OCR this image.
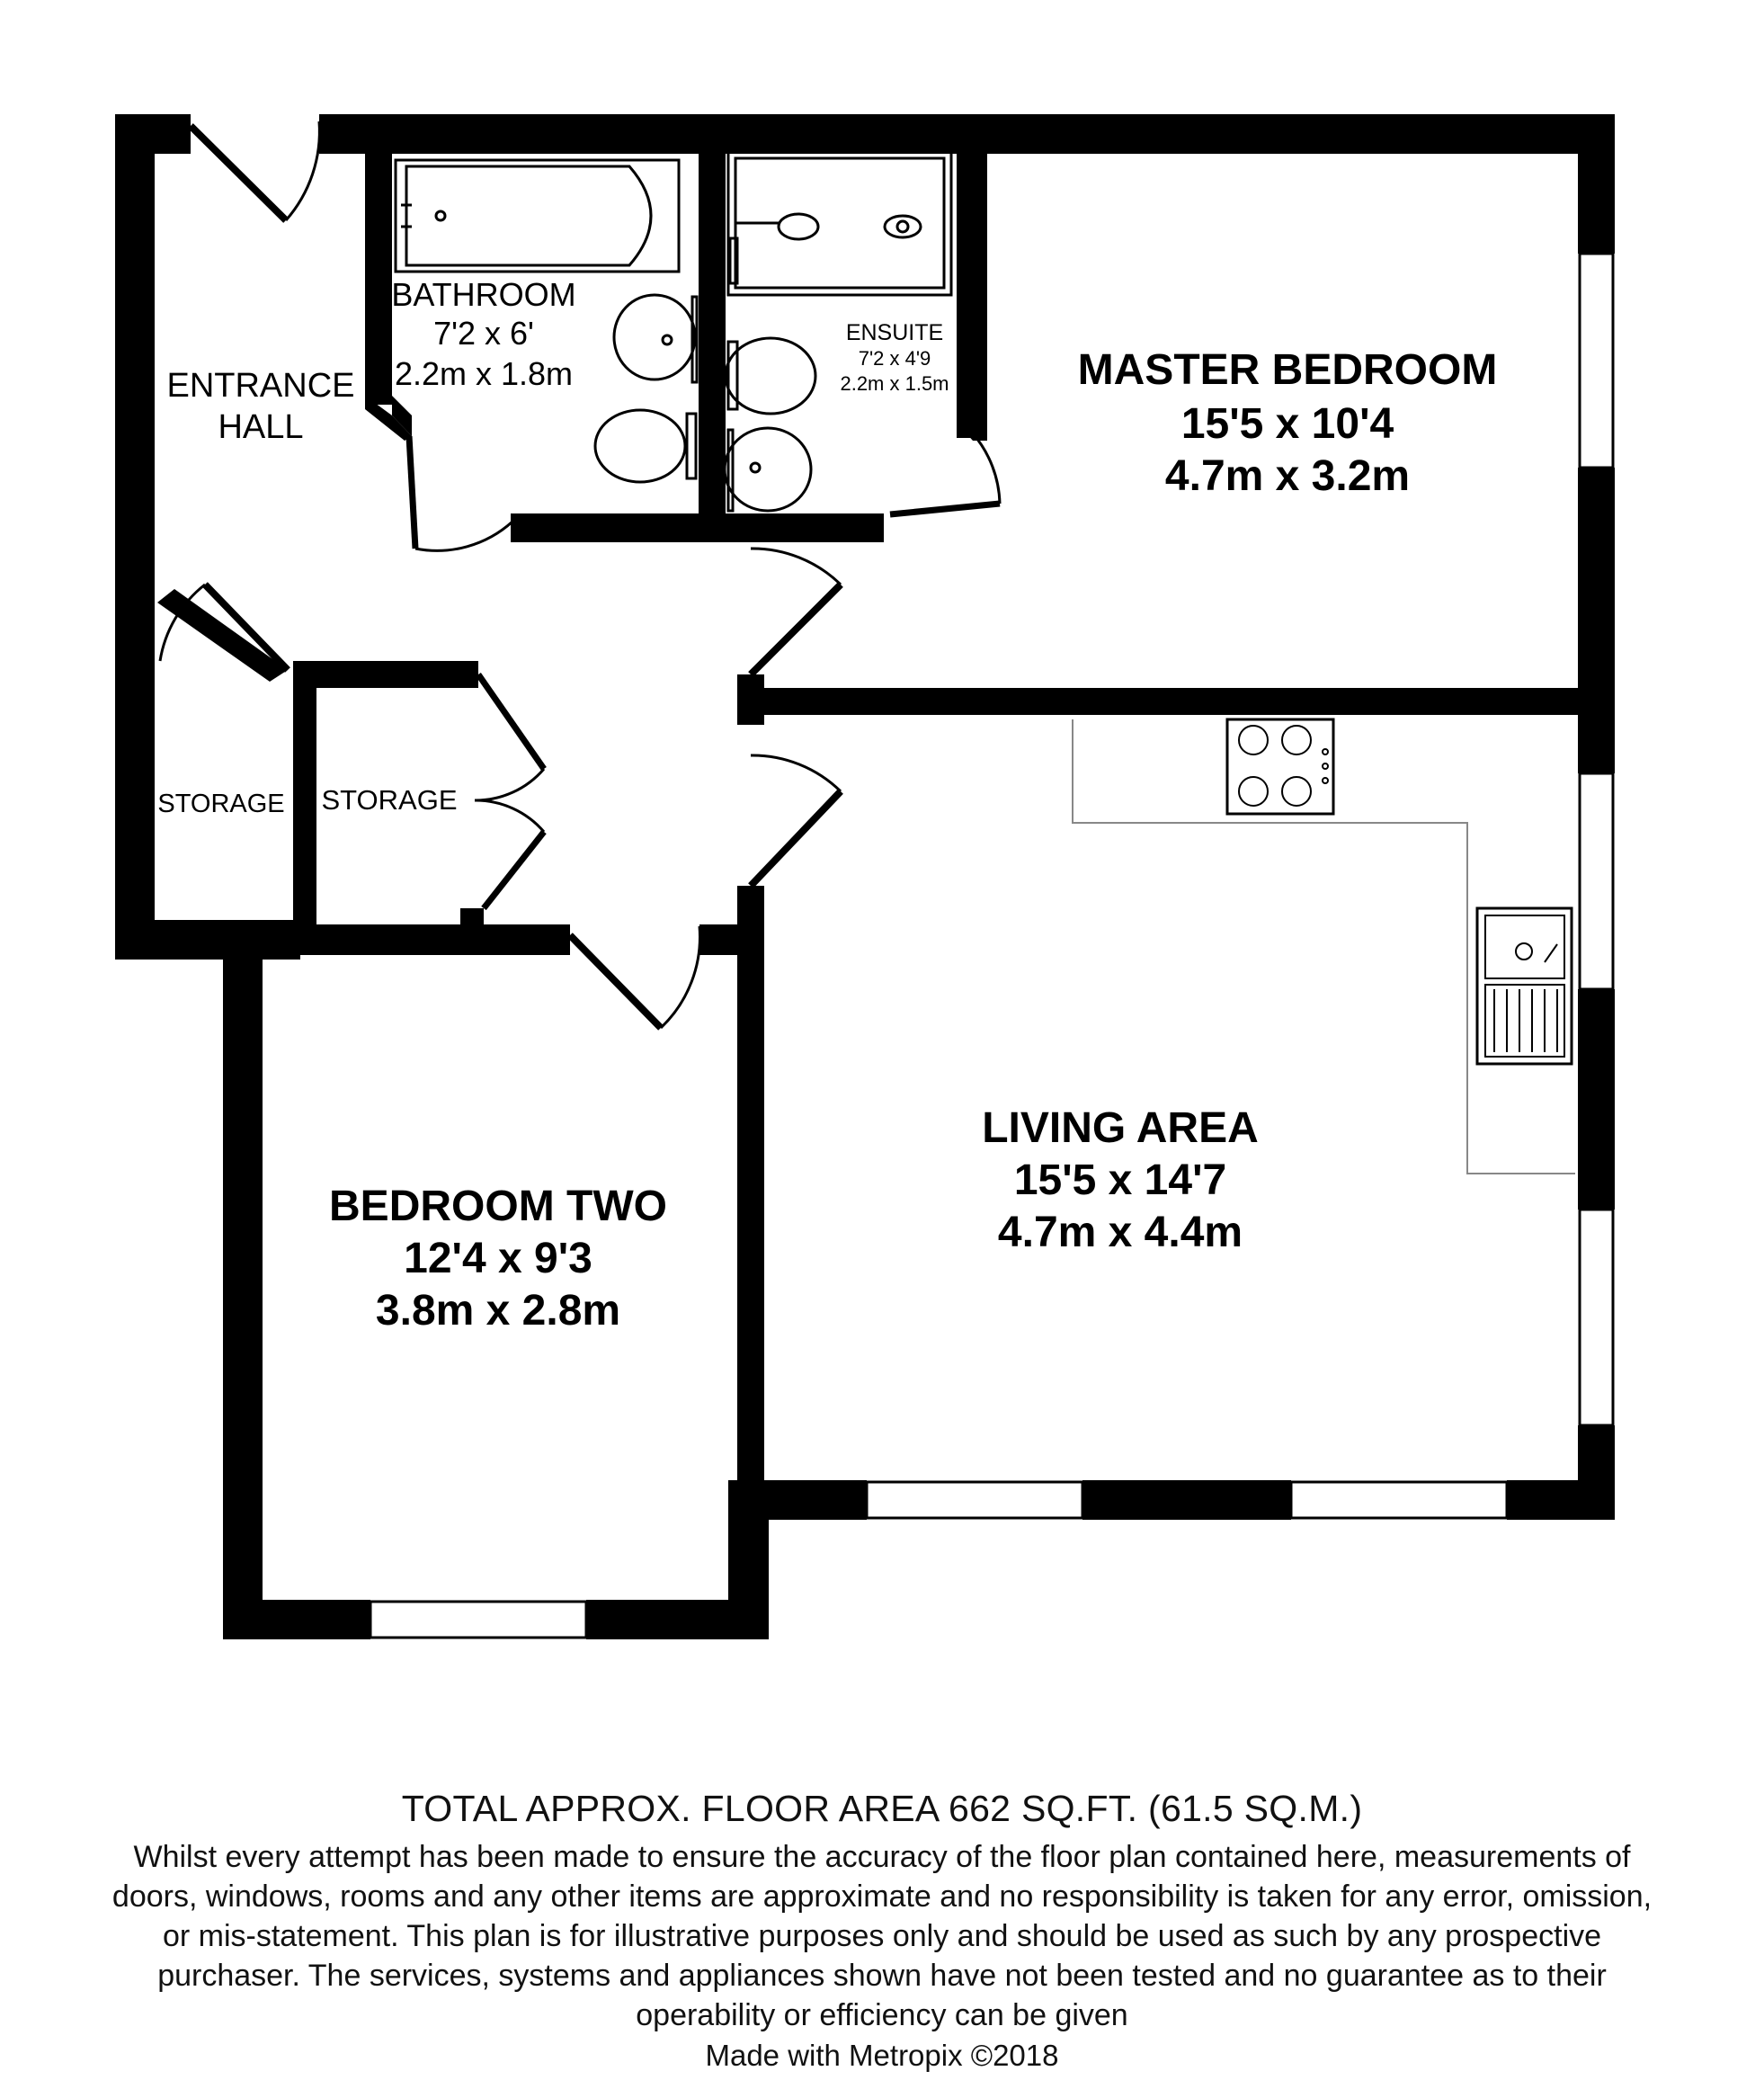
ENTRANCE
HALL
BATHROOM
7'2 x 6'
2.2m x 1.8m
ENSUITE
7'2 x 4'9
2.2m x 1.5m	MASTER BEDROOM
15'5 x 10'4
4.7m x 3.2m
STORAGE STORAGE
LIVING AREA
15'5 x 14'7
4.7m x 4.4m
BEDROOM TWO
12'4 x 9'3
3.8m x 2.8m
TOTAL APPROX. FLOOR AREA 662 SQ.FT. (61.5 SQ.M.)
Whilst every attempt has been made to ensure the accuracy of the floor plan contained here, measurements of doors, windows, rooms and any other items are approximate and no responsibility is taken for any error, omission, or mis-statement. This plan is for illustrative purposes only and should be used as such by any prospective purchaser. The services, systems and appliances shown have not been tested and no guarantee as to their operability or efficiency can be given
Made with Metropix ©2018
